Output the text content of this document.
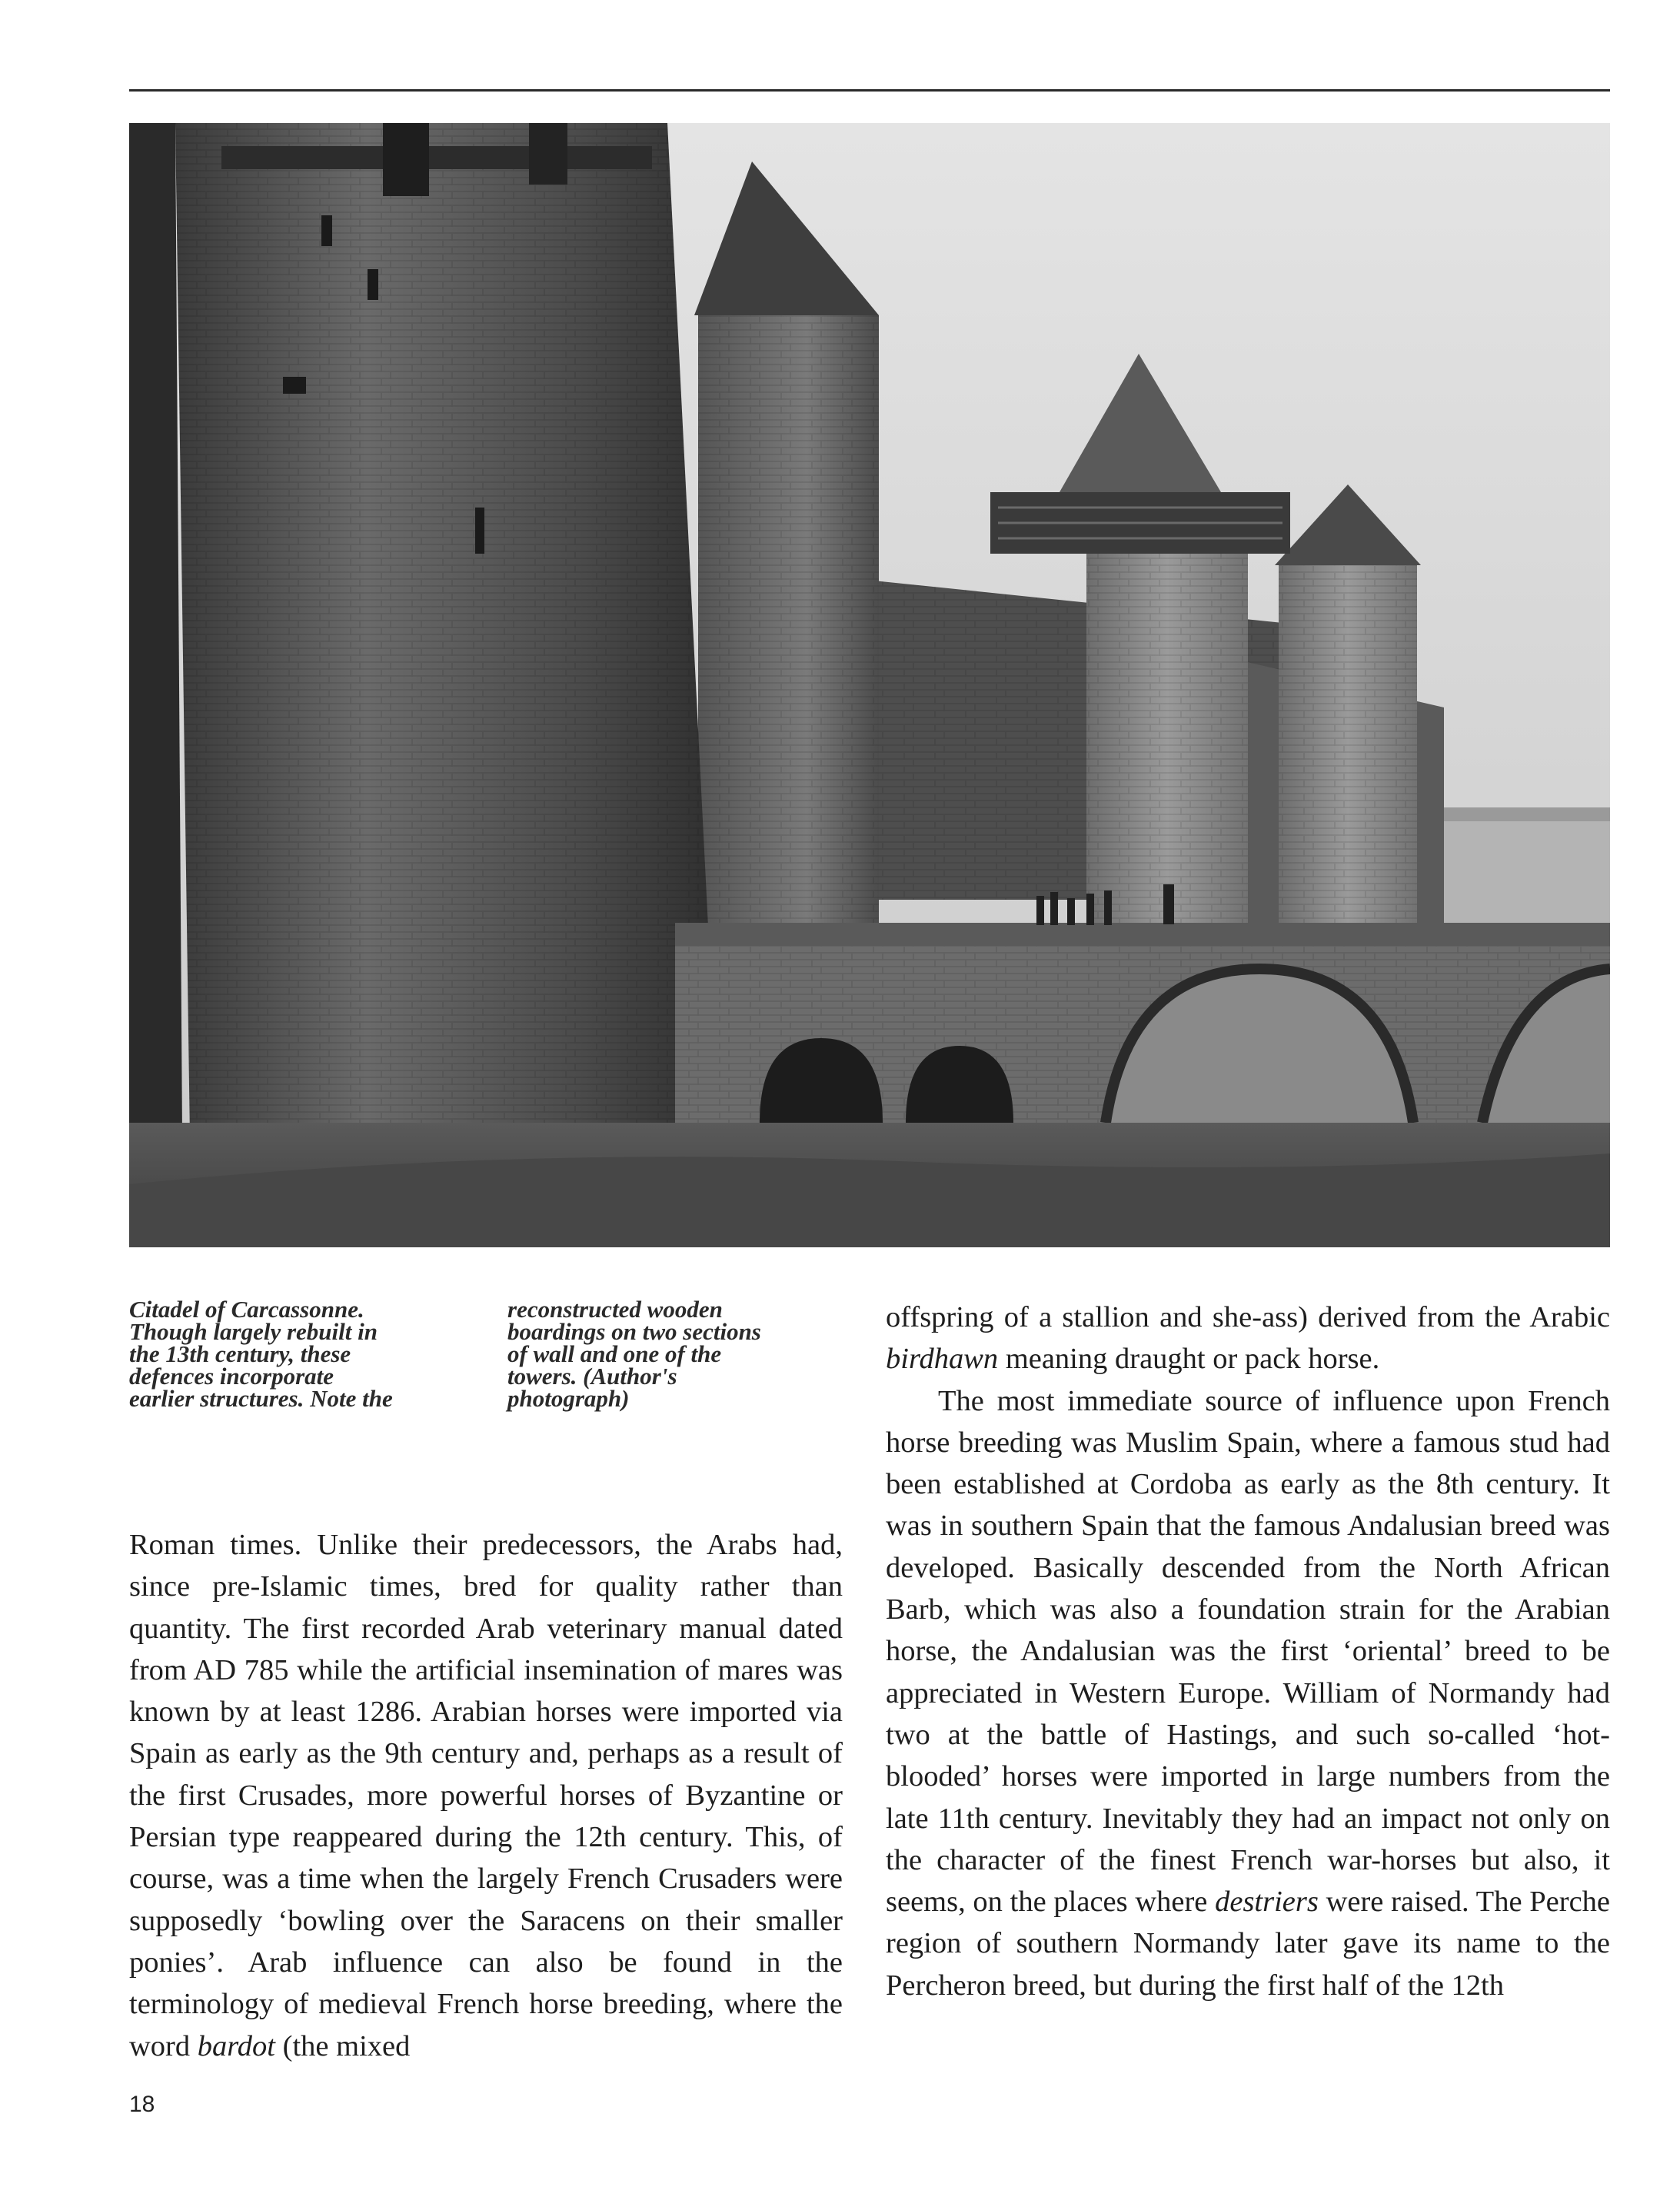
Citadel of Carcassonne.
Though largely rebuilt in
the 13th century, these
defences incorporate
earlier structures. Note the
reconstructed wooden
boardings on two sections
of wall and one of the
towers. (Author's
photograph)

Roman times. Unlike their predecessors, the Arabs had, since pre-Islamic times, bred for quality rather than quantity. The first recorded Arab veterinary manual dated from AD 785 while the artificial insemination of mares was known by at least 1286. Arabian horses were imported via Spain as early as the 9th century and, perhaps as a result of the first Crusades, more powerful horses of Byzantine or Persian type reappeared during the 12th century. This, of course, was a time when the largely French Crusaders were supposedly ‘bowling over the Saracens on their smaller ponies’. Arab influence can also be found in the terminology of medieval French horse breeding, where the word bardot (the mixed

offspring of a stallion and she-ass) derived from the Arabic birdhawn meaning draught or pack horse.

The most immediate source of influence upon French horse breeding was Muslim Spain, where a famous stud had been established at Cordoba as early as the 8th century. It was in southern Spain that the famous Andalusian breed was developed. Basically descended from the North African Barb, which was also a foundation strain for the Arabian horse, the Andalusian was the first ‘oriental’ breed to be appreciated in Western Europe. William of Normandy had two at the battle of Hastings, and such so-called ‘hot-blooded’ horses were imported in large numbers from the late 11th century. Inevitably they had an impact not only on the character of the finest French war-horses but also, it seems, on the places where destriers were raised. The Perche region of southern Normandy later gave its name to the Percheron breed, but during the first half of the 12th

18
